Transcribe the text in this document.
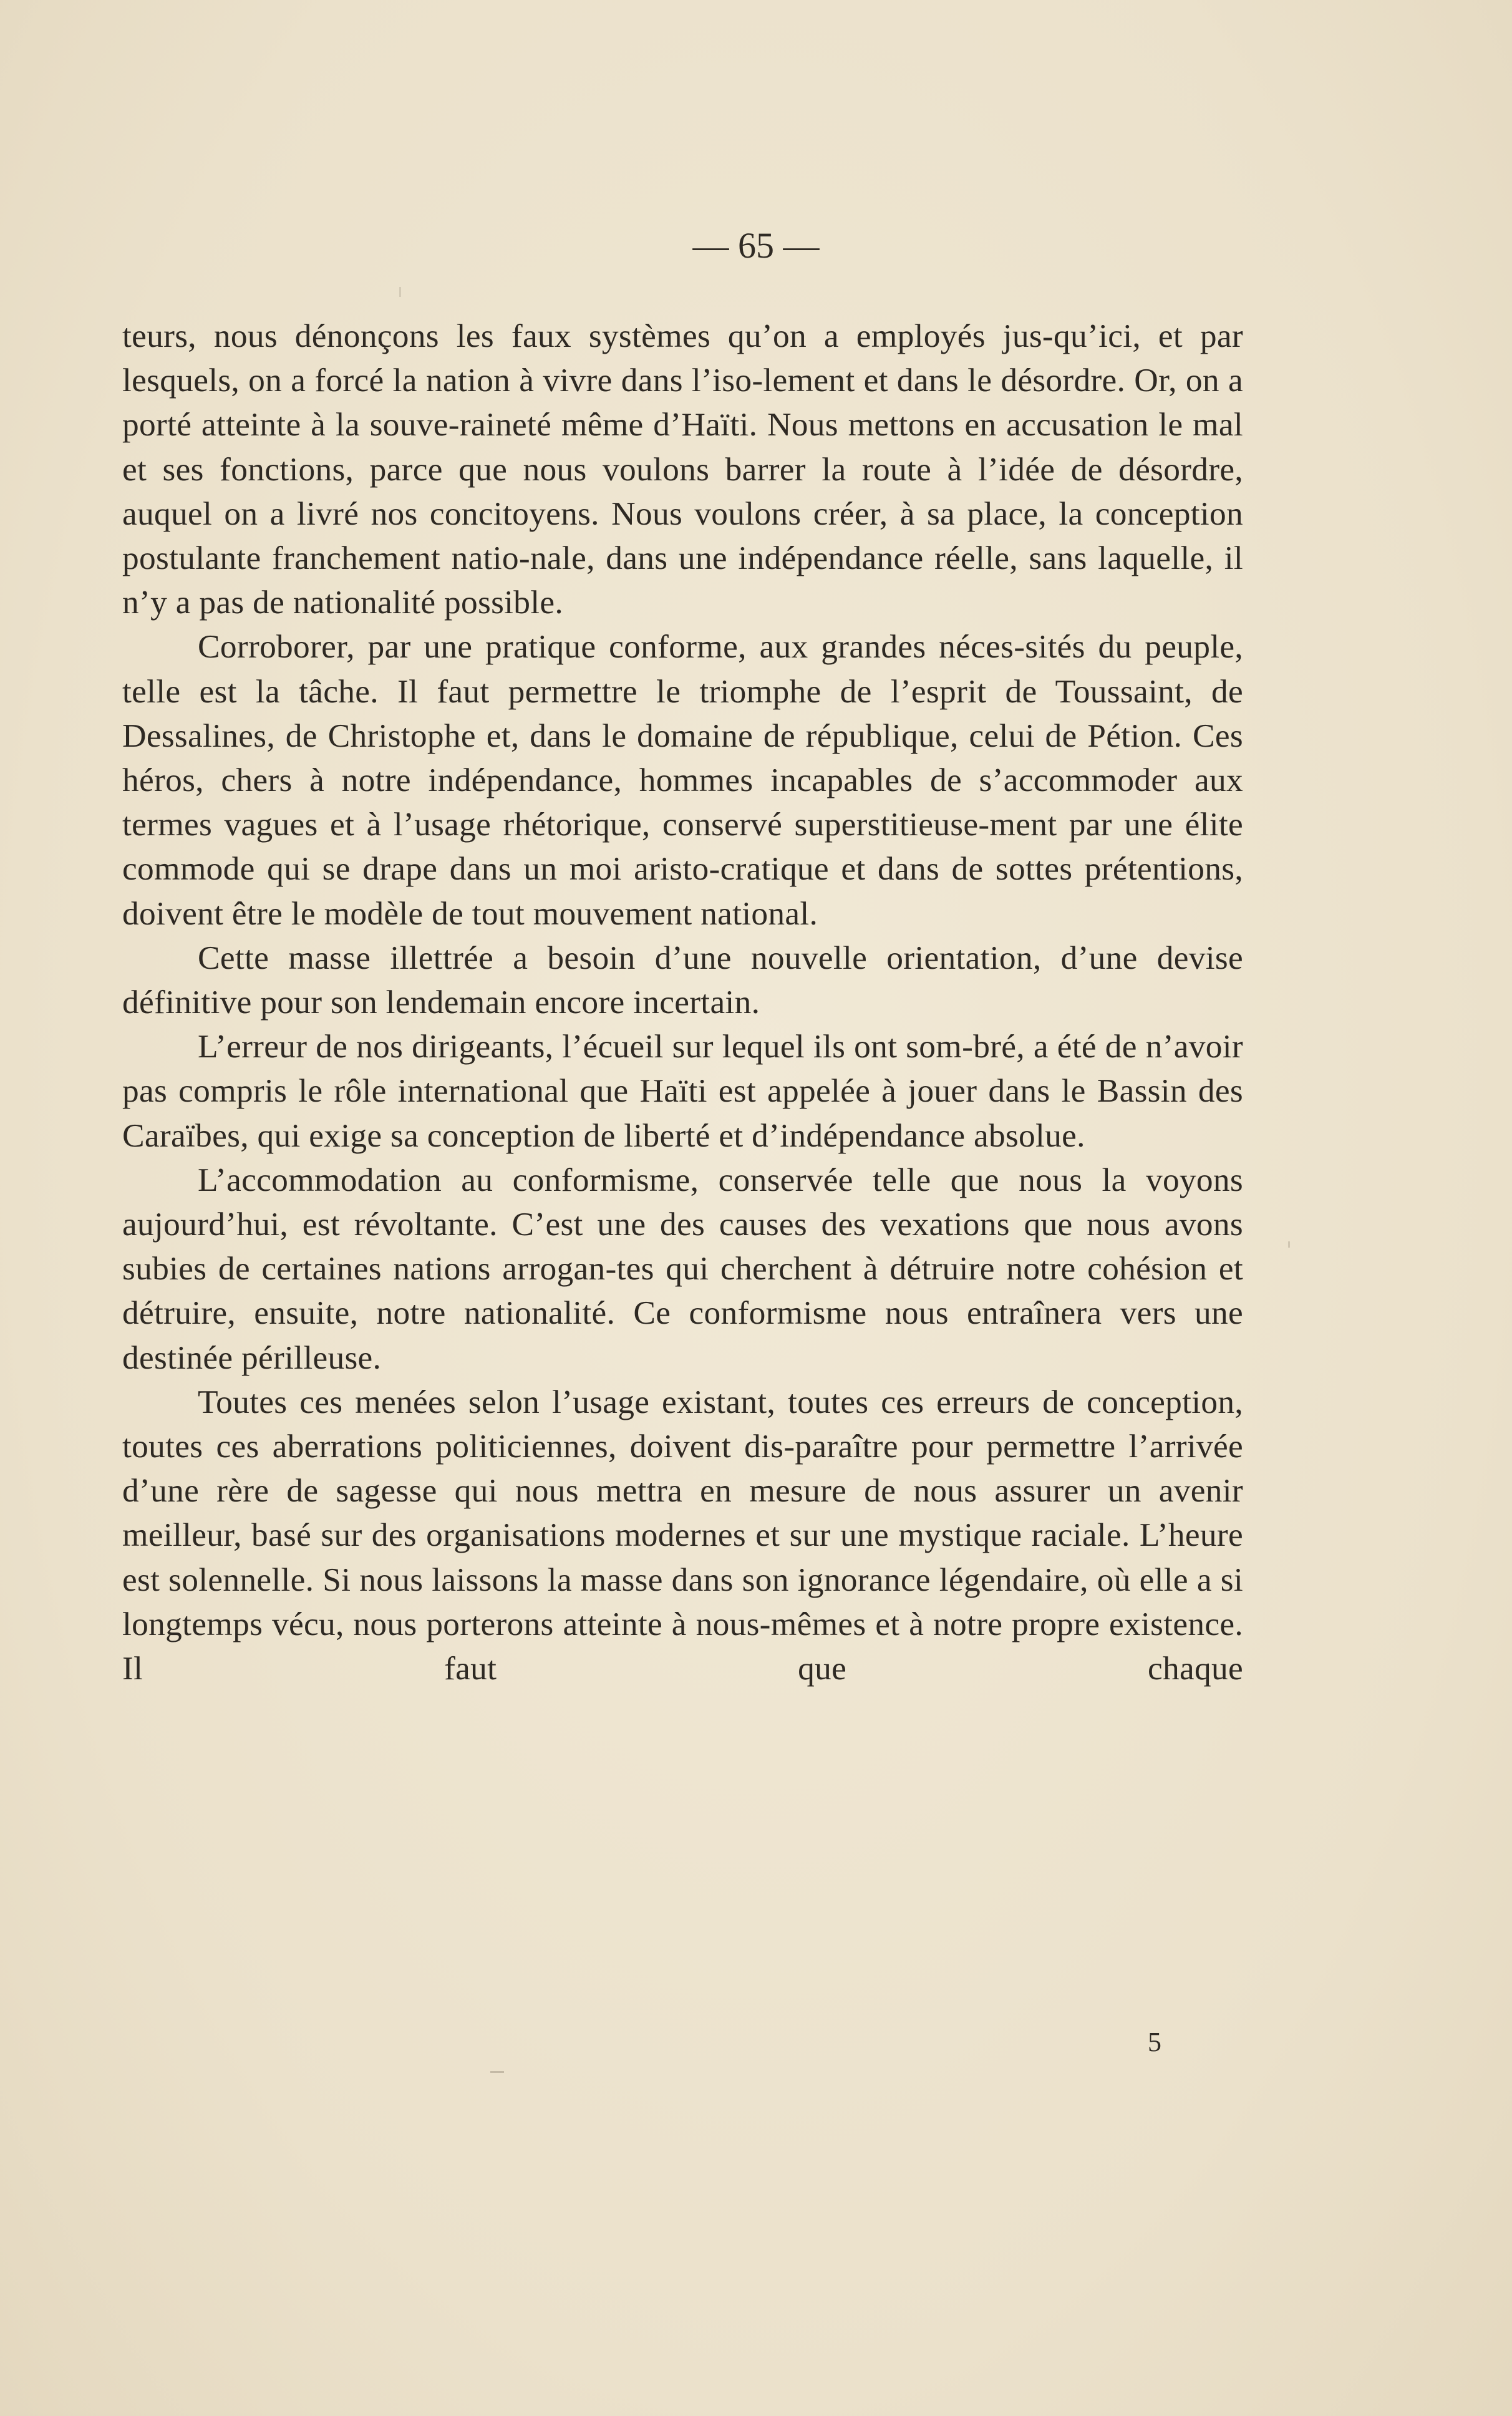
— 65 —

teurs, nous dénonçons les faux systèmes qu’on a employés jus-qu’ici, et par lesquels, on a forcé la nation à vivre dans l’iso-lement et dans le désordre. Or, on a porté atteinte à la souve-raineté même d’Haïti. Nous mettons en accusation le mal et ses fonctions, parce que nous voulons barrer la route à l’idée de désordre, auquel on a livré nos concitoyens. Nous voulons créer, à sa place, la conception postulante franchement natio-nale, dans une indépendance réelle, sans laquelle, il n’y a pas de nationalité possible.

Corroborer, par une pratique conforme, aux grandes néces-sités du peuple, telle est la tâche. Il faut permettre le triomphe de l’esprit de Toussaint, de Dessalines, de Christophe et, dans le domaine de république, celui de Pétion. Ces héros, chers à notre indépendance, hommes incapables de s’accommoder aux termes vagues et à l’usage rhétorique, conservé superstitieuse-ment par une élite commode qui se drape dans un moi aristo-cratique et dans de sottes prétentions, doivent être le modèle de tout mouvement national.

Cette masse illettrée a besoin d’une nouvelle orientation, d’une devise définitive pour son lendemain encore incertain.

L’erreur de nos dirigeants, l’écueil sur lequel ils ont som-bré, a été de n’avoir pas compris le rôle international que Haïti est appelée à jouer dans le Bassin des Caraïbes, qui exige sa conception de liberté et d’indépendance absolue.

L’accommodation au conformisme, conservée telle que nous la voyons aujourd’hui, est révoltante. C’est une des causes des vexations que nous avons subies de certaines nations arrogan-tes qui cherchent à détruire notre cohésion et détruire, ensuite, notre nationalité. Ce conformisme nous entraînera vers une destinée périlleuse.

Toutes ces menées selon l’usage existant, toutes ces erreurs de conception, toutes ces aberrations politiciennes, doivent dis-paraître pour permettre l’arrivée d’une rère de sagesse qui nous mettra en mesure de nous assurer un avenir meilleur, basé sur des organisations modernes et sur une mystique raciale. L’heure est solennelle. Si nous laissons la masse dans son ignorance légendaire, où elle a si longtemps vécu, nous porterons atteinte à nous-mêmes et à notre propre existence. Il faut que chaque

5
